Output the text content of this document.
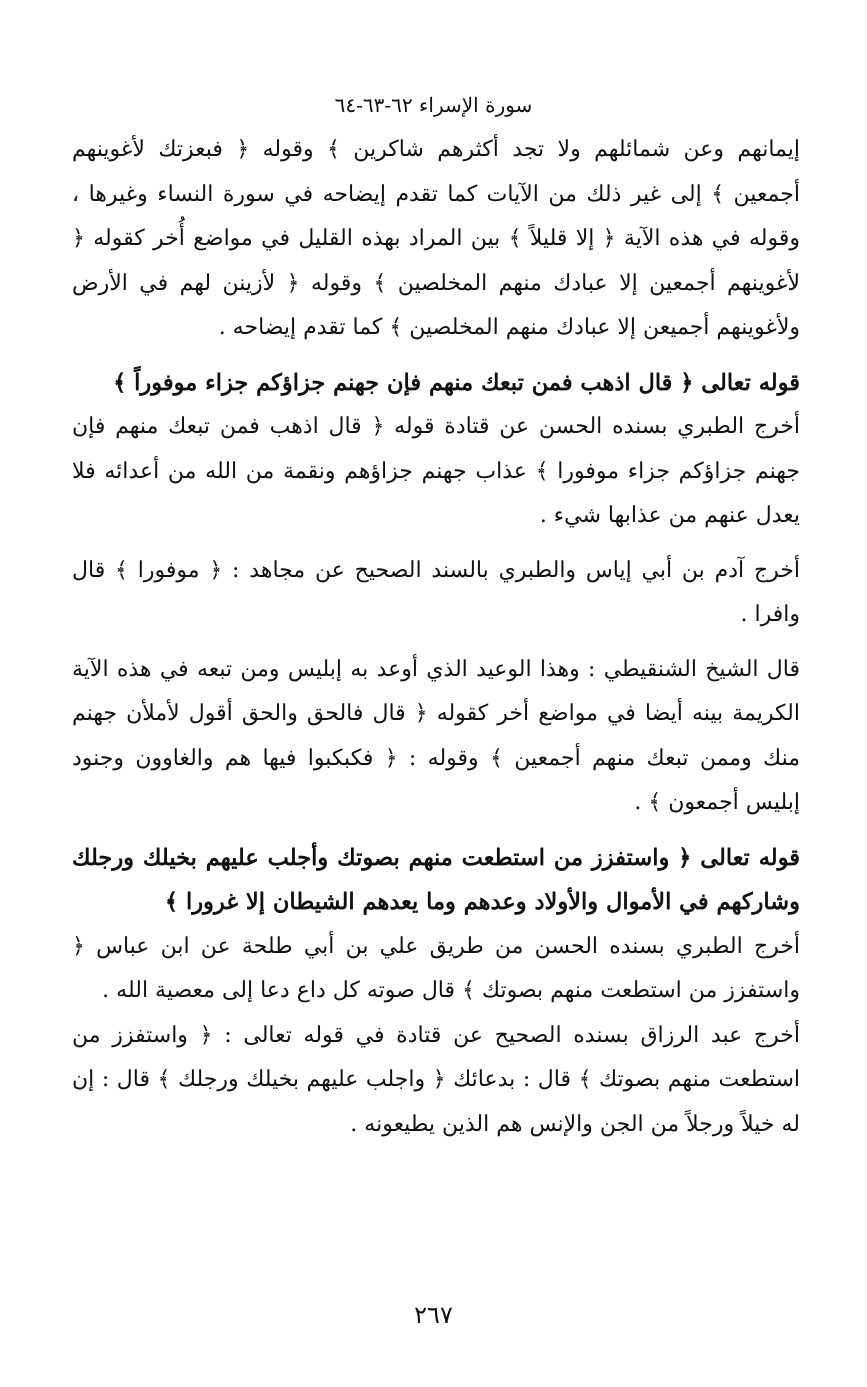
سورة الإسراء ٦٢-٦٣-٦٤

إيمانهم وعن شمائلهم ولا تجد أكثرهم شاكرين ﴾ وقوله ﴿ فبعزتك لأغوينهم أجمعين ﴾ إلى غير ذلك من الآيات كما تقدم إيضاحه في سورة النساء وغيرها ، وقوله في هذه الآية ﴿ إلا قليلاً ﴾ بين المراد بهذه القليل في مواضع أُخر كقوله ﴿ لأغوينهم أجمعين إلا عبادك منهم المخلصين ﴾ وقوله ﴿ لأزينن لهم في الأرض ولأغوينهم أجميعن إلا عبادك منهم المخلصين ﴾ كما تقدم إيضاحه .

قوله تعالى ﴿ قال اذهب فمن تبعك منهم فإن جهنم جزاؤكم جزاء موفوراً ﴾

أخرج الطبري بسنده الحسن عن قتادة قوله ﴿ قال اذهب فمن تبعك منهم فإن جهنم جزاؤكم جزاء موفورا ﴾ عذاب جهنم جزاؤهم ونقمة من الله من أعدائه فلا يعدل عنهم من عذابها شيء .

أخرج آدم بن أبي إياس والطبري بالسند الصحيح عن مجاهد : ﴿ موفورا ﴾ قال وافرا .

قال الشيخ الشنقيطي : وهذا الوعيد الذي أوعد به إبليس ومن تبعه في هذه الآية الكريمة بينه أيضا في مواضع أخر كقوله ﴿ قال فالحق والحق أقول لأملأن جهنم منك وممن تبعك منهم أجمعين ﴾ وقوله : ﴿ فكبكبوا فيها هم والغاوون وجنود إبليس أجمعون ﴾ .

قوله تعالى ﴿ واستفزز من استطعت منهم بصوتك وأجلب عليهم بخيلك ورجلك وشاركهم في الأموال والأولاد وعدهم وما يعدهم الشيطان إلا غرورا ﴾

أخرج الطبري بسنده الحسن من طريق علي بن أبي طلحة عن ابن عباس ﴿ واستفزز من استطعت منهم بصوتك ﴾ قال صوته كل داع دعا إلى معصية الله .

أخرج عبد الرزاق بسنده الصحيح عن قتادة في قوله تعالى : ﴿ واستفزز من استطعت منهم بصوتك ﴾ قال : بدعائك ﴿ واجلب عليهم بخيلك ورجلك ﴾ قال : إن له خيلاً ورجلاً من الجن والإنس هم الذين يطيعونه .

٢٦٧
